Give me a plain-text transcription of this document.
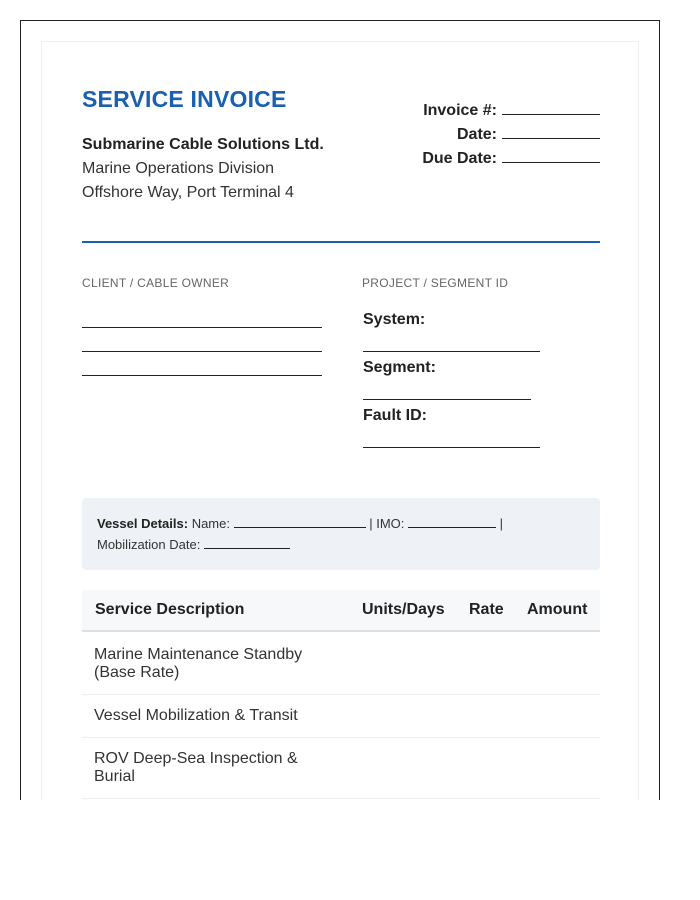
SERVICE INVOICE
Submarine Cable Solutions Ltd.
Marine Operations Division
Offshore Way, Port Terminal 4
Invoice #:
Date:
Due Date:
CLIENT / CABLE OWNER	PROJECT / SEGMENT ID
System:
Segment:
Fault ID:
Vessel Details: Name:	| IMO:	|
Mobilization Date:
Service Description	Units/Days Rate Amount
Marine Maintenance Standby (Base Rate)
Vessel Mobilization & Transit
ROV Deep-Sea Inspection & Burial
